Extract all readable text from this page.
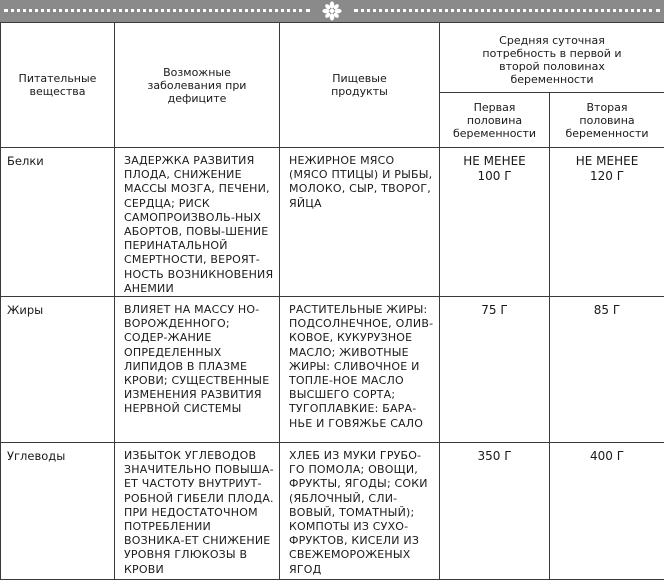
Питательные вещества	Возможные заболевания при дефиците	Пищевые продукты	Средняя суточная потребность в первой и второй половинах беременности	
			Первая половина беременности	Вторая половина беременности
Белки	ЗАДЕРЖКА РАЗВИТИЯ ПЛОДА, СНИЖЕНИЕ МАССЫ МОЗГА, ПЕЧЕНИ, СЕРДЦА; РИСК САМОПРОИЗВОЛЬ-НЫХ АБОРТОВ, ПОВЫ-ШЕНИЕ ПЕРИНАТАЛЬНОЙ СМЕРТНОСТИ, ВЕРОЯТ-НОСТЬ ВОЗНИКНОВЕНИЯ АНЕМИИ	НЕЖИРНОЕ МЯСО (МЯСО ПТИЦЫ) И РЫБЫ, МОЛОКО, СЫР, ТВОРОГ, ЯЙЦА	НЕ МЕНЕЕ 100 Г	НЕ МЕНЕЕ 120 Г
Жиры	ВЛИЯЕТ НА МАССУ НО-ВОРОЖДЕННОГО; СОДЕР-ЖАНИЕ ОПРЕДЕЛЕННЫХ ЛИПИДОВ В ПЛАЗМЕ КРОВИ; СУЩЕСТВЕННЫЕ ИЗМЕНЕНИЯ РАЗВИТИЯ НЕРВНОЙ СИСТЕМЫ	РАСТИТЕЛЬНЫЕ ЖИРЫ: ПОДСОЛНЕЧНОЕ, ОЛИВ-КОВОЕ, КУКУРУЗНОЕ МАСЛО; ЖИВОТНЫЕ ЖИРЫ: СЛИВОЧНОЕ И ТОПЛЕ-НОЕ МАСЛО ВЫСШЕГО СОРТА; ТУГОПЛАВКИЕ: БАРА-НЬЕ И ГОВЯЖЬЕ САЛО	75 Г	85 Г
Углеводы	ИЗБЫТОК УГЛЕВОДОВ ЗНАЧИТЕЛЬНО ПОВЫША-ЕТ ЧАСТОТУ ВНУТРИУТ-РОБНОЙ ГИБЕЛИ ПЛОДА. ПРИ НЕДОСТАТОЧНОМ ПОТРЕБЛЕНИИ ВОЗНИКА-ЕТ СНИЖЕНИЕ УРОВНЯ ГЛЮКОЗЫ В КРОВИ	ХЛЕБ ИЗ МУКИ ГРУБО-ГО ПОМОЛА; ОВОЩИ, ФРУКТЫ, ЯГОДЫ; СОКИ (ЯБЛОЧНЫЙ, СЛИ-ВОВЫЙ, ТОМАТНЫЙ); КОМПОТЫ ИЗ СУХО-ФРУКТОВ, КИСЕЛИ ИЗ СВЕЖЕМОРОЖЕНЫХ ЯГОД	350 Г	400 Г
